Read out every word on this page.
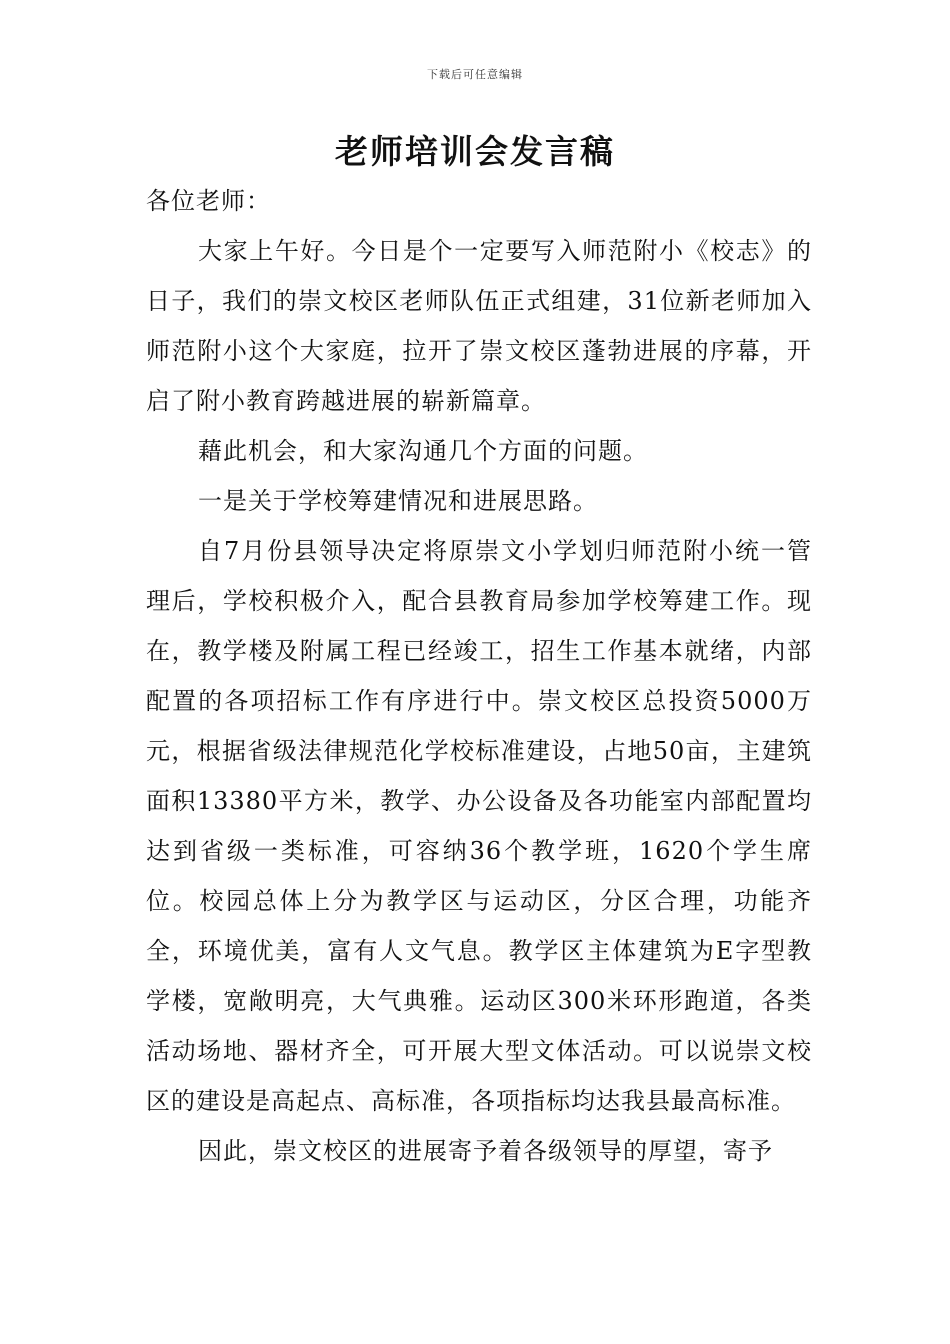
下载后可任意编辑
老师培训会发言稿

各位老师：

大家上午好。今日是个一定要写入师范附小《校志》的日子，我们的崇文校区老师队伍正式组建，31位新老师加入师范附小这个大家庭，拉开了崇文校区蓬勃进展的序幕，开启了附小教育跨越进展的崭新篇章。

藉此机会，和大家沟通几个方面的问题。

一是关于学校筹建情况和进展思路。

自7月份县领导决定将原崇文小学划归师范附小统一管理后，学校积极介入，配合县教育局参加学校筹建工作。现在，教学楼及附属工程已经竣工，招生工作基本就绪，内部配置的各项招标工作有序进行中。崇文校区总投资5000万元，根据省级法律规范化学校标准建设，占地50亩，主建筑面积13380平方米，教学、办公设备及各功能室内部配置均达到省级一类标准，可容纳36个教学班，1620个学生席位。校园总体上分为教学区与运动区，分区合理，功能齐全，环境优美，富有人文气息。教学区主体建筑为E字型教学楼，宽敞明亮，大气典雅。运动区300米环形跑道，各类活动场地、器材齐全，可开展大型文体活动。可以说崇文校区的建设是高起点、高标准，各项指标均达我县最高标准。

因此，崇文校区的进展寄予着各级领导的厚望，寄予
